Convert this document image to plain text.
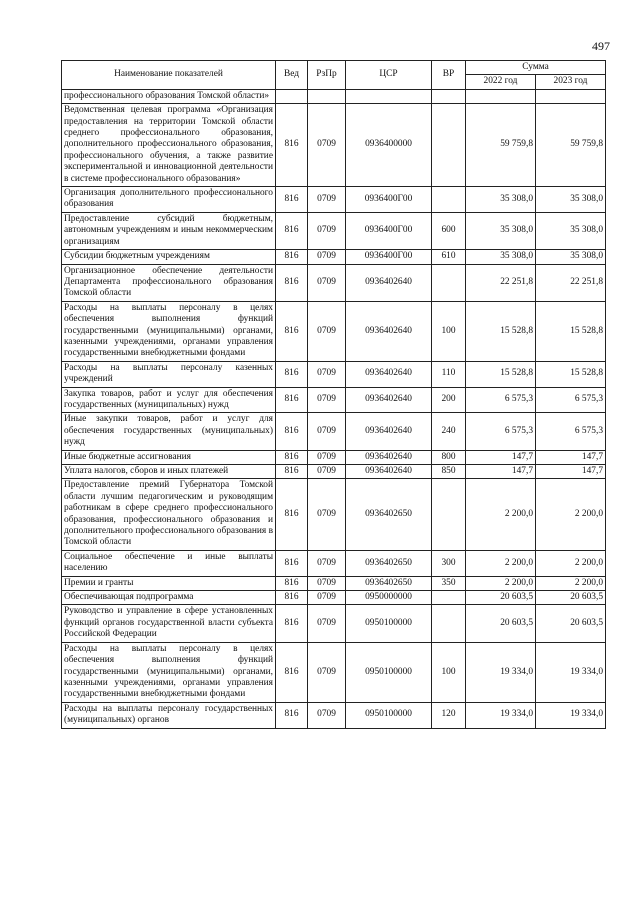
497
Наименование показателей	Вед	РзПр	ЦСР	ВР	Сумма	
					2022 год	2023 год
профессионального образования Томской области»						
Ведомственная целевая программа «Организация предоставления на территории Томской области среднего профессионального образования, дополнительного профессионального образования, профессионального обучения, а также развитие экспериментальной и инновационной деятельности в системе профессионального образования»	816	0709	0936400000		59 759,8	59 759,8
Организация дополнительного профессионального образования	816	0709	0936400Г00		35 308,0	35 308,0
Предоставление субсидий бюджетным, автономным учреждениям и иным некоммерческим организациям	816	0709	0936400Г00	600	35 308,0	35 308,0
Субсидии бюджетным учреждениям	816	0709	0936400Г00	610	35 308,0	35 308,0
Организационное обеспечение деятельности Департамента профессионального образования Томской области	816	0709	0936402640		22 251,8	22 251,8
Расходы на выплаты персоналу в целях обеспечения выполнения функций государственными (муниципальными) органами, казенными учреждениями, органами управления государственными внебюджетными фондами	816	0709	0936402640	100	15 528,8	15 528,8
Расходы на выплаты персоналу казенных учреждений	816	0709	0936402640	110	15 528,8	15 528,8
Закупка товаров, работ и услуг для обеспечения государственных (муниципальных) нужд	816	0709	0936402640	200	6 575,3	6 575,3
Иные закупки товаров, работ и услуг для обеспечения государственных (муниципальных) нужд	816	0709	0936402640	240	6 575,3	6 575,3
Иные бюджетные ассигнования	816	0709	0936402640	800	147,7	147,7
Уплата налогов, сборов и иных платежей	816	0709	0936402640	850	147,7	147,7
Предоставление премий Губернатора Томской области лучшим педагогическим и руководящим работникам в сфере среднего профессионального образования, профессионального образования и дополнительного профессионального образования в Томской области	816	0709	0936402650		2 200,0	2 200,0
Социальное обеспечение и иные выплаты населению	816	0709	0936402650	300	2 200,0	2 200,0
Премии и гранты	816	0709	0936402650	350	2 200,0	2 200,0
Обеспечивающая подпрограмма	816	0709	0950000000		20 603,5	20 603,5
Руководство и управление в сфере установленных функций органов государственной власти субъекта Российской Федерации	816	0709	0950100000		20 603,5	20 603,5
Расходы на выплаты персоналу в целях обеспечения выполнения функций государственными (муниципальными) органами, казенными учреждениями, органами управления государственными внебюджетными фондами	816	0709	0950100000	100	19 334,0	19 334,0
Расходы на выплаты персоналу государственных (муниципальных) органов	816	0709	0950100000	120	19 334,0	19 334,0
